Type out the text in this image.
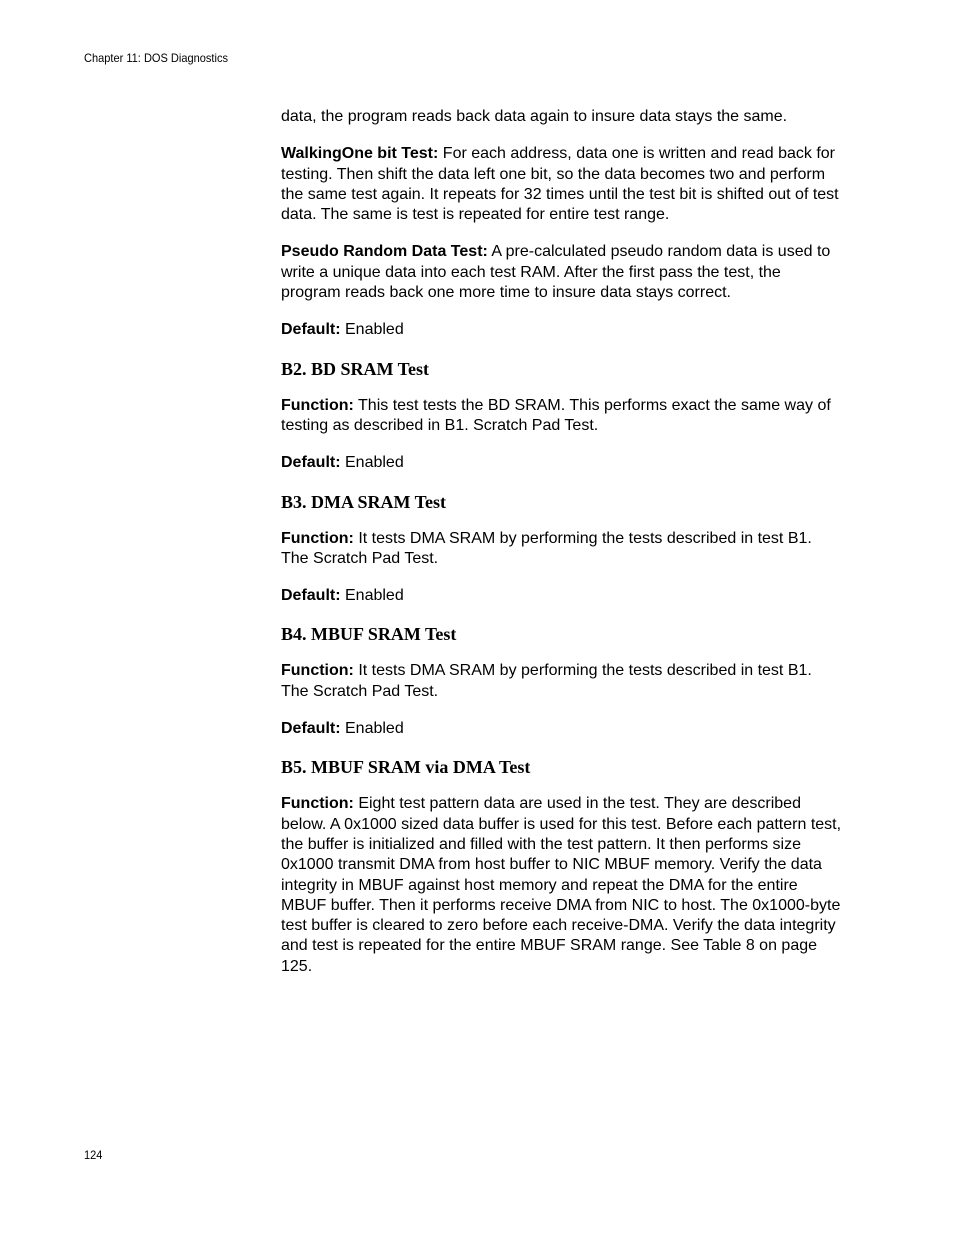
Chapter 11: DOS Diagnostics

data, the program reads back data again to insure data stays the same.

WalkingOne bit Test: For each address, data one is written and read back for testing. Then shift the data left one bit, so the data becomes two and perform the same test again. It repeats for 32 times until the test bit is shifted out of test data. The same is test is repeated for entire test range.

Pseudo Random Data Test: A pre-calculated pseudo random data is used to write a unique data into each test RAM. After the first pass the test, the program reads back one more time to insure data stays correct.

Default: Enabled

B2. BD SRAM Test

Function: This test tests the BD SRAM. This performs exact the same way of testing as described in B1. Scratch Pad Test.

Default: Enabled

B3. DMA SRAM Test

Function: It tests DMA SRAM by performing the tests described in test B1. The Scratch Pad Test.

Default: Enabled

B4. MBUF SRAM Test

Function: It tests DMA SRAM by performing the tests described in test B1. The Scratch Pad Test.

Default: Enabled

B5. MBUF SRAM via DMA Test

Function: Eight test pattern data are used in the test. They are described below. A 0x1000 sized data buffer is used for this test. Before each pattern test, the buffer is initialized and filled with the test pattern. It then performs size 0x1000 transmit DMA from host buffer to NIC MBUF memory. Verify the data integrity in MBUF against host memory and repeat the DMA for the entire MBUF buffer. Then it performs receive DMA from NIC to host. The 0x1000-byte test buffer is cleared to zero before each receive-DMA. Verify the data integrity and test is repeated for the entire MBUF SRAM range. See Table 8 on page 125.

124
